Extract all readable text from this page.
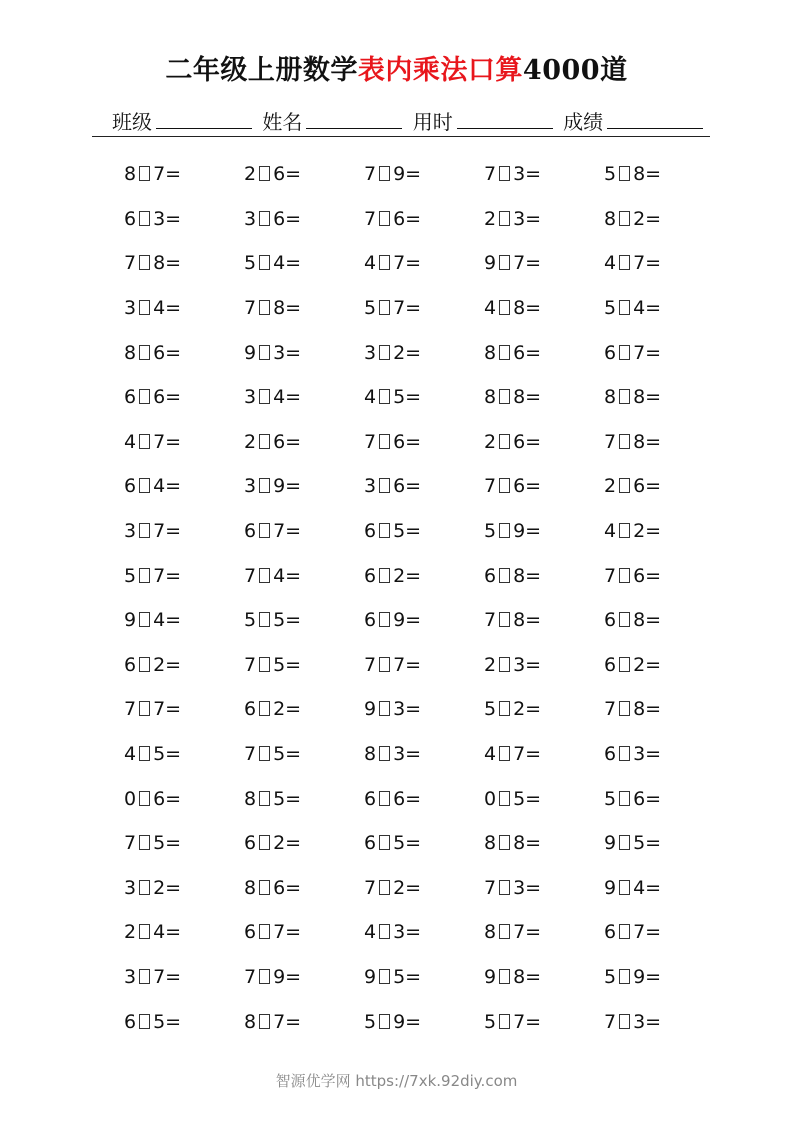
二年级上册数学表内乘法口算4000道
班级	姓名	用时	成绩
8 7=	2 6=	7 9=	7 3=	5 8=
6 3=	3 6=	7 6=	2 3=	8 2=
7 8=	5 4=	4 7=	9 7=	4 7=
3 4=	7 8=	5 7=	4 8=	5 4=
8 6=	9 3=	3 2=	8 6=	6 7=
6 6=	3 4=	4 5=	8 8=	8 8=
4 7=	2 6=	7 6=	2 6=	7 8=
6 4=	3 9=	3 6=	7 6=	2 6=
3 7=	6 7=	6 5=	5 9=	4 2=
5 7=	7 4=	6 2=	6 8=	7 6=
9 4=	5 5=	6 9=	7 8=	6 8=
6 2=	7 5=	7 7=	2 3=	6 2=
7 7=	6 2=	9 3=	5 2=	7 8=
4 5=	7 5=	8 3=	4 7=	6 3=
0 6=	8 5=	6 6=	0 5=	5 6=
7 5=	6 2=	6 5=	8 8=	9 5=
3 2=	8 6=	7 2=	7 3=	9 4=
2 4=	6 7=	4 3=	8 7=	6 7=
3 7=	7 9=	9 5=	9 8=	5 9=
6 5=	8 7=	5 9=	5 7=	7 3=
智源优学网 https://7xk.92diy.com
